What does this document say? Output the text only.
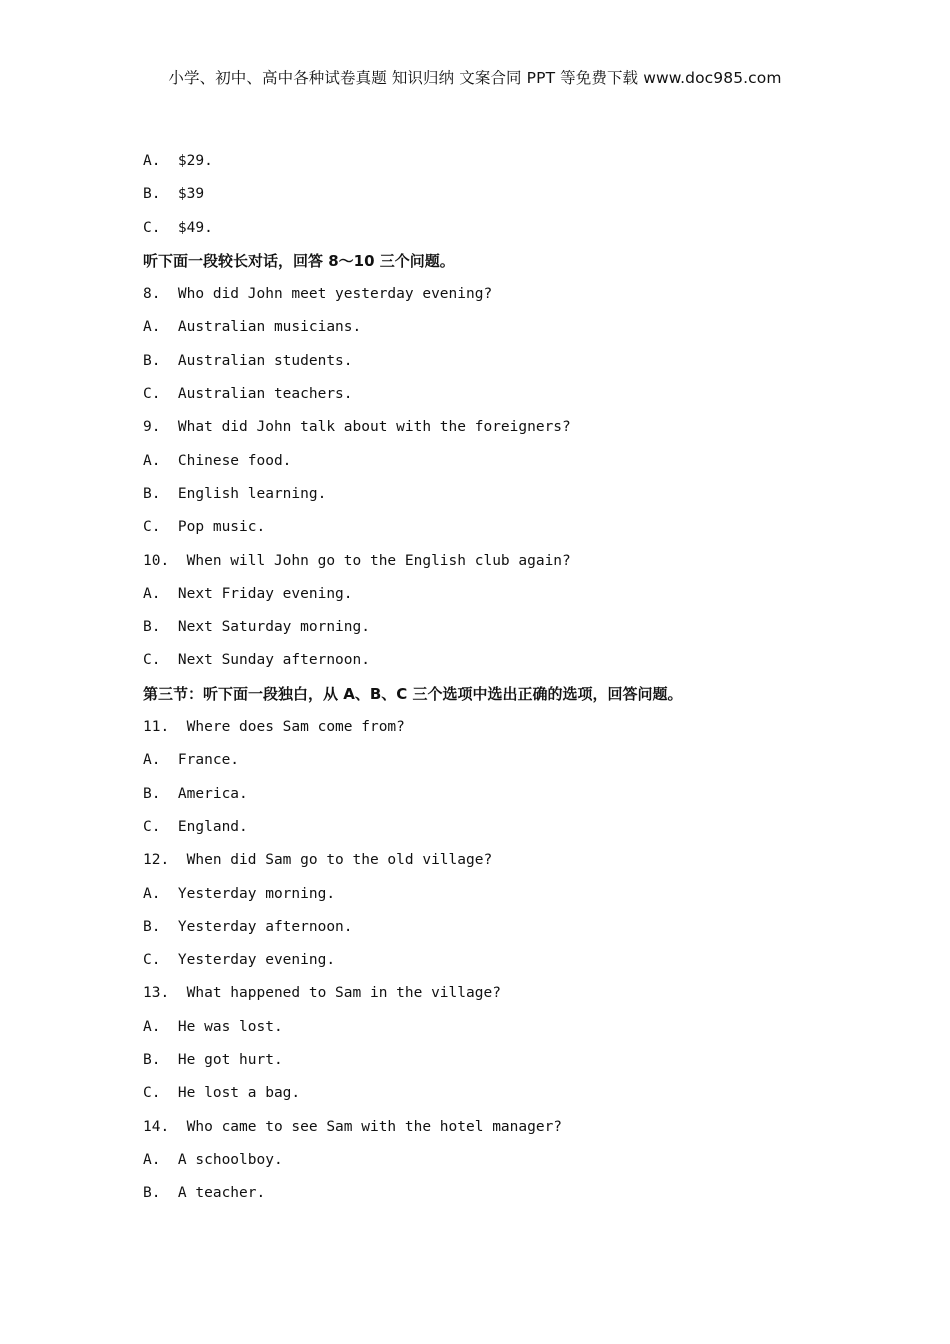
小学、初中、高中各种试卷真题 知识归纳 文案合同 PPT 等免费下载 www.doc985.com
A.  $29.
B.  $39
C.  $49.
听下面一段较长对话，回答 8～10 三个问题。
8.  Who did John meet yesterday evening?
A.  Australian musicians.
B.  Australian students.
C.  Australian teachers.
9.  What did John talk about with the foreigners?
A.  Chinese food.
B.  English learning.
C.  Pop music.
10.  When will John go to the English club again?
A.  Next Friday evening.
B.  Next Saturday morning.
C.  Next Sunday afternoon.
第三节：听下面一段独白，从 A、B、C 三个选项中选出正确的选项，回答问题。
11.  Where does Sam come from?
A.  France.
B.  America.
C.  England.
12.  When did Sam go to the old village?
A.  Yesterday morning.
B.  Yesterday afternoon.
C.  Yesterday evening.
13.  What happened to Sam in the village?
A.  He was lost.
B.  He got hurt.
C.  He lost a bag.
14.  Who came to see Sam with the hotel manager?
A.  A schoolboy.
B.  A teacher.
